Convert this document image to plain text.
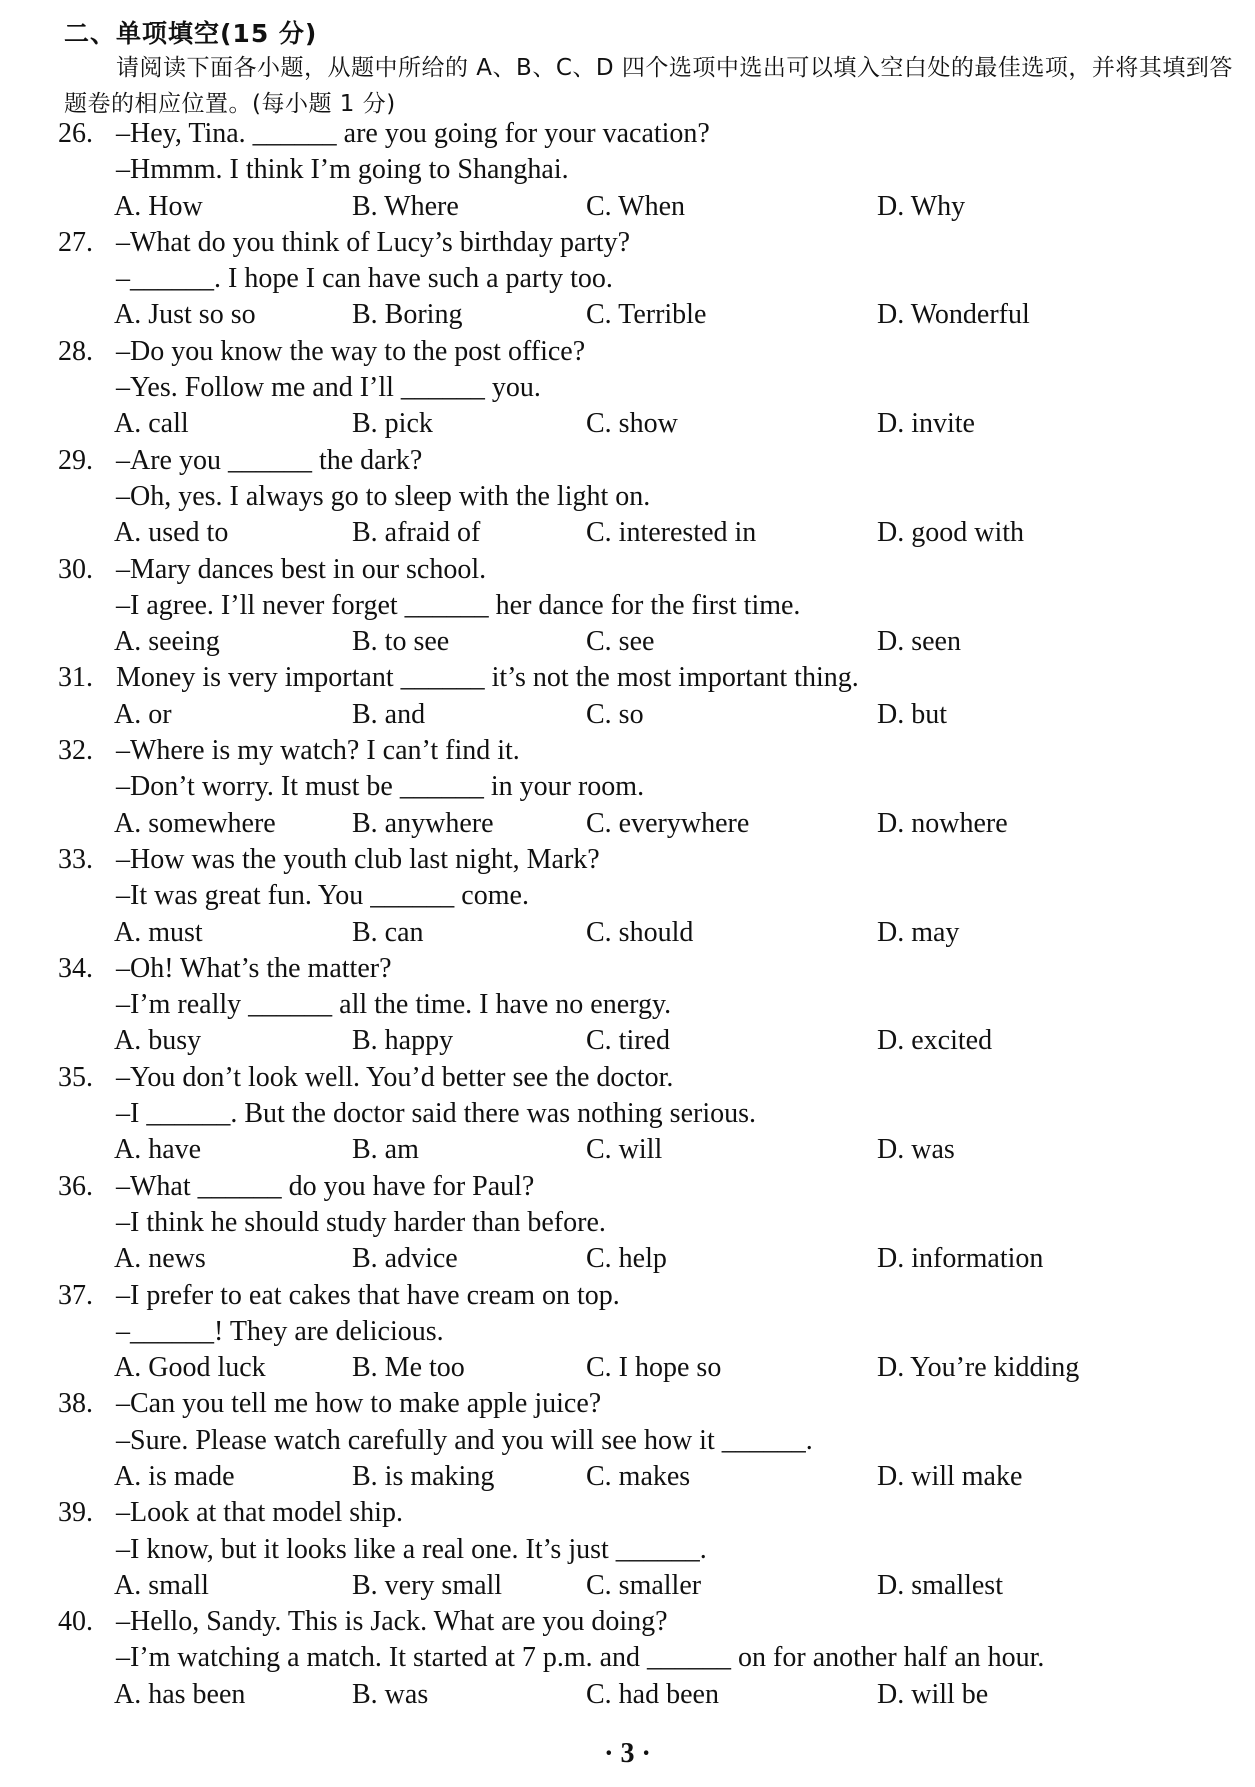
二、单项填空(15 分)
请阅读下面各小题，从题中所给的 A、B、C、D 四个选项中选出可以填入空白处的最佳选项，并将其填到答题卷的相应位置。(每小题 1 分)
26. –Hey, Tina. ______ are you going for your vacation?
–Hmmm. I think I’m going to Shanghai.
A. How	B. Where	C. When	D. Why
27. –What do you think of Lucy’s birthday party?
–______. I hope I can have such a party too.
A. Just so so	B. Boring	C. Terrible	D. Wonderful
28. –Do you know the way to the post office?
–Yes. Follow me and I’ll ______ you.
A. call	B. pick	C. show	D. invite
29. –Are you ______ the dark?
–Oh, yes. I always go to sleep with the light on.
A. used to	B. afraid of	C. interested in	D. good with
30. –Mary dances best in our school.
–I agree. I’ll never forget ______ her dance for the first time.
A. seeing	B. to see	C. see	D. seen
31. Money is very important ______ it’s not the most important thing.
A. or	B. and	C. so	D. but
32. –Where is my watch? I can’t find it.
–Don’t worry. It must be ______ in your room.
A. somewhere	B. anywhere	C. everywhere	D. nowhere
33. –How was the youth club last night, Mark?
–It was great fun. You ______ come.
A. must	B. can	C. should	D. may
34. –Oh! What’s the matter?
–I’m really ______ all the time. I have no energy.
A. busy	B. happy	C. tired	D. excited
35. –You don’t look well. You’d better see the doctor.
–I ______. But the doctor said there was nothing serious.
A. have	B. am	C. will	D. was
36. –What ______ do you have for Paul?
–I think he should study harder than before.
A. news	B. advice	C. help	D. information
37. –I prefer to eat cakes that have cream on top.
–______! They are delicious.
A. Good luck	B. Me too	C. I hope so	D. You’re kidding
38. –Can you tell me how to make apple juice?
–Sure. Please watch carefully and you will see how it ______.
A. is made	B. is making	C. makes	D. will make
39. –Look at that model ship.
–I know, but it looks like a real one. It’s just ______.
A. small	B. very small	C. smaller	D. smallest
40. –Hello, Sandy. This is Jack. What are you doing?
–I’m watching a match. It started at 7 p.m. and ______ on for another half an hour.
A. has been	B. was	C. had been	D. will be
· 3 ·
